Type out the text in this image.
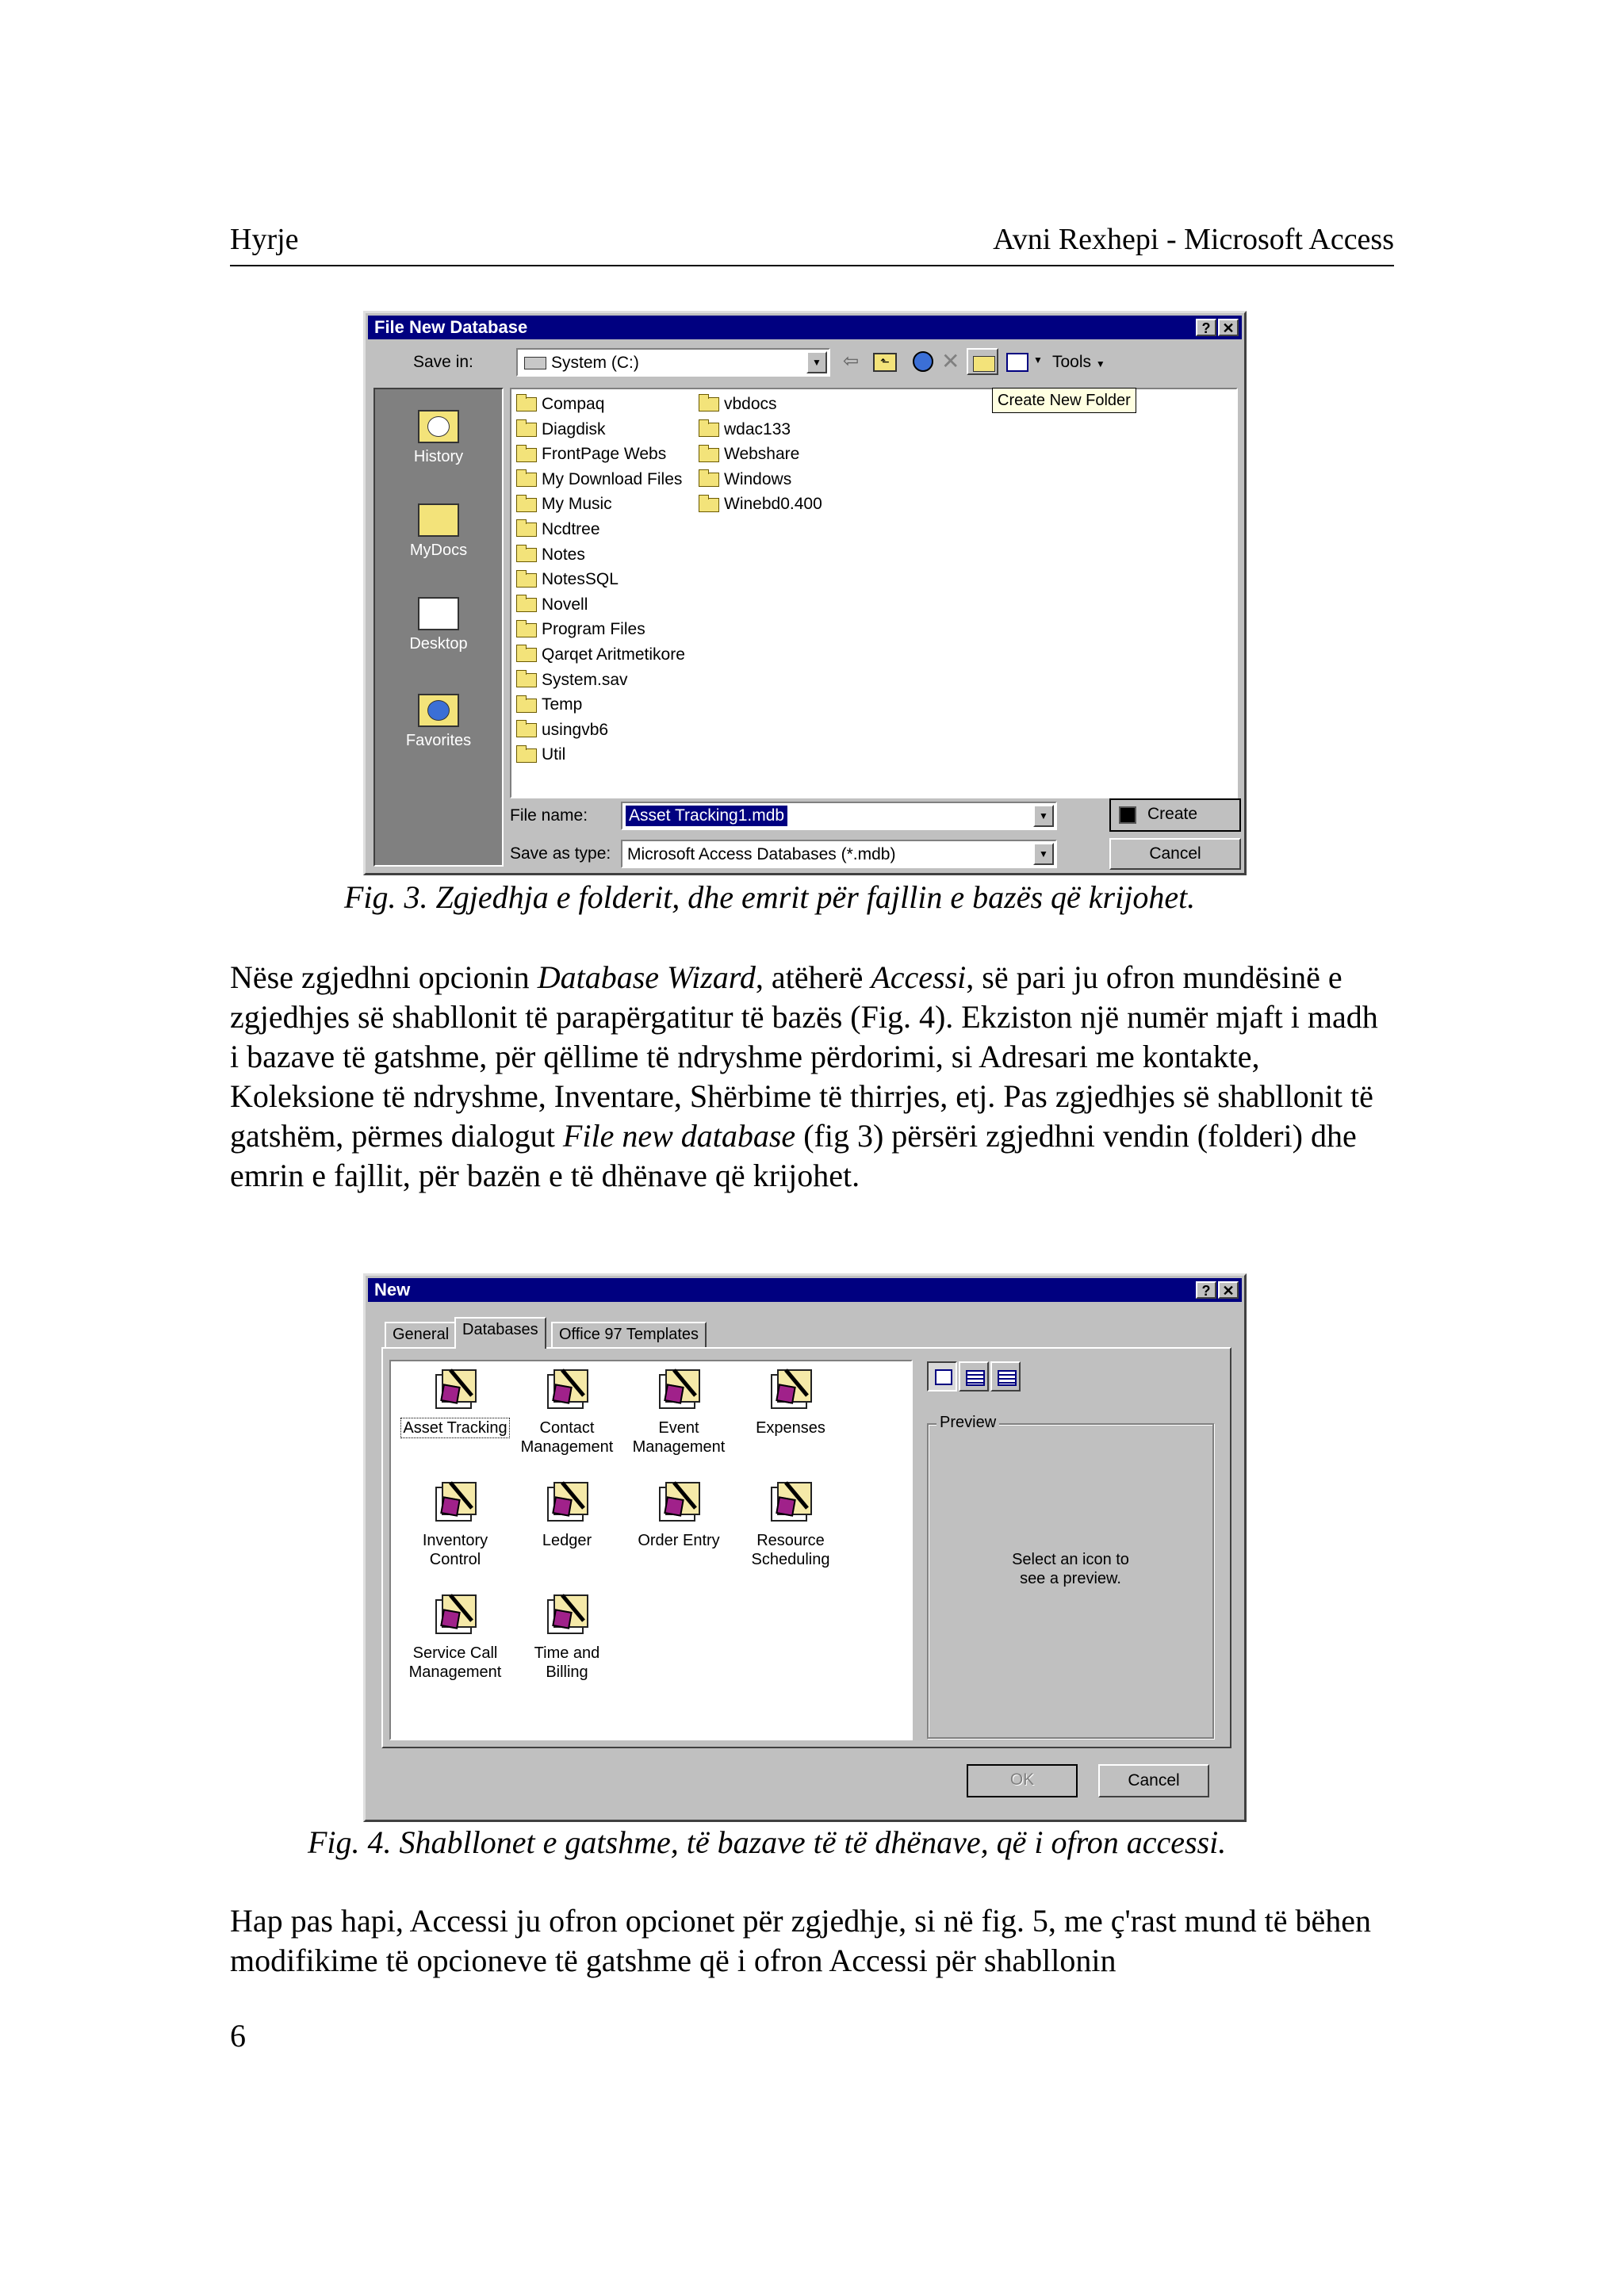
Hyrje	Avni Rexhepi - Microsoft Access
File New Database	? ✕
Save in:	System (C:)	▼ ⇦	⬑	✕	▼ Tools ▼
History
MyDocs
Desktop
Favorites
Compaq
Diagdisk
FrontPage Webs
My Download Files
My Music
Ncdtree
Notes
NotesSQL
Novell
Program Files
Qarqet Aritmetikore
System.sav
Temp
usingvb6
Util
vbdocs
wdac133
Webshare
Windows
Winebd0.400
Create New Folder
File name: Asset Tracking1.mdb	▼	Create
Save as type: Microsoft Access Databases (*.mdb)	▼	Cancel
Fig. 3. Zgjedhja e folderit, dhe emrit për fajllin e bazës që krijohet.

Nëse zgjedhni opcionin Database Wizard, atëherë Accessi, së pari ju ofron mundësinë e zgjedhjes së shabllonit të parapërgatitur të bazës (Fig. 4). Ekziston një numër mjaft i madh i bazave të gatshme, për qëllime të ndryshme përdorimi, si Adresari me kontakte, Koleksione të ndryshme, Inventare, Shërbime të thirrjes, etj. Pas zgjedhjes së shabllonit të gatshëm, përmes dialogut File new database (fig 3) përsëri zgjedhni vendin (folderi) dhe emrin e fajllit, për bazën e të dhënave që krijohet.

New	? ✕
General Databases	Office 97 Templates
Asset Tracking	Contact
Management
Event
Management
Expenses
Inventory
Control
Ledger	Order Entry	Resource
Scheduling
Service Call
Management
Time and
Billing
Preview
Select an icon to
see a preview.
OK	Cancel
Fig. 4. Shabllonet e gatshme, të bazave të të dhënave, që i ofron accessi.
Hap pas hapi, Accessi ju ofron opcionet për zgjedhje, si në fig. 5, me ç'rast mund të bëhen modifikime të opcioneve të gatshme që i ofron Accessi për shabllonin
6
